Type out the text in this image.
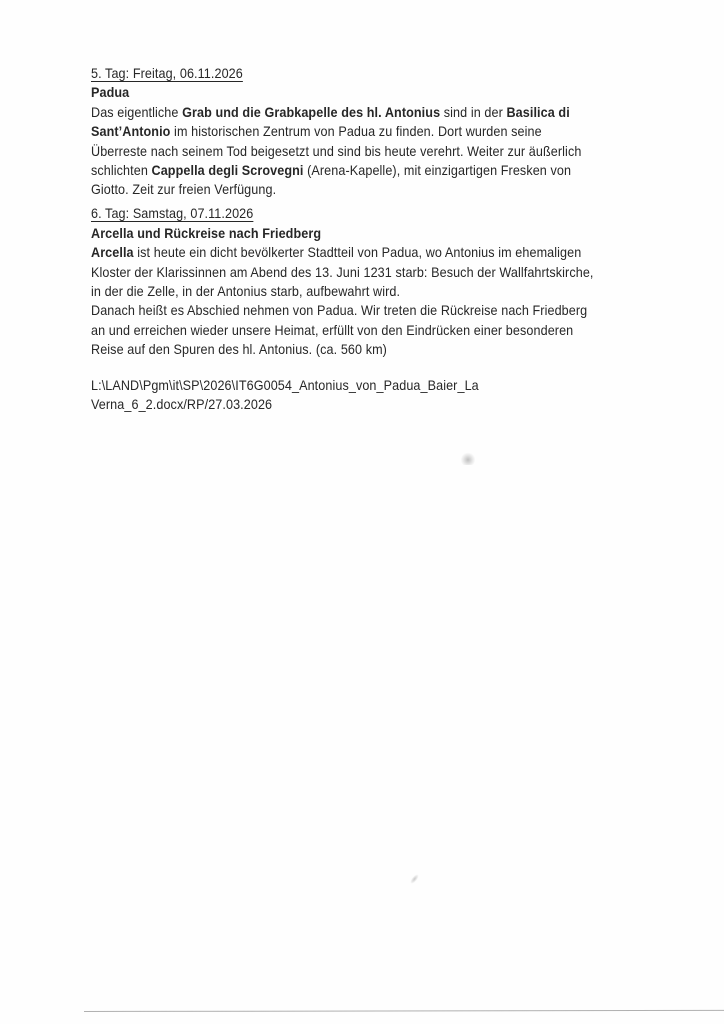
5. Tag: Freitag, 06.11.2026
Padua
Das eigentliche Grab und die Grabkapelle des hl. Antonius sind in der Basilica di
Sant’Antonio im historischen Zentrum von Padua zu finden. Dort wurden seine
Überreste nach seinem Tod beigesetzt und sind bis heute verehrt. Weiter zur äußerlich
schlichten Cappella degli Scrovegni (Arena-Kapelle), mit einzigartigen Fresken von
Giotto. Zeit zur freien Verfügung.
6. Tag: Samstag, 07.11.2026
Arcella und Rückreise nach Friedberg
Arcella ist heute ein dicht bevölkerter Stadtteil von Padua, wo Antonius im ehemaligen
Kloster der Klarissinnen am Abend des 13. Juni 1231 starb: Besuch der Wallfahrtskirche,
in der die Zelle, in der Antonius starb, aufbewahrt wird.
Danach heißt es Abschied nehmen von Padua. Wir treten die Rückreise nach Friedberg
an und erreichen wieder unsere Heimat, erfüllt von den Eindrücken einer besonderen
Reise auf den Spuren des hl. Antonius. (ca. 560 km)
L:\LAND\Pgm\it\SP\2026\IT6G0054_Antonius_von_Padua_Baier_La
Verna_6_2.docx/RP/27.03.2026
